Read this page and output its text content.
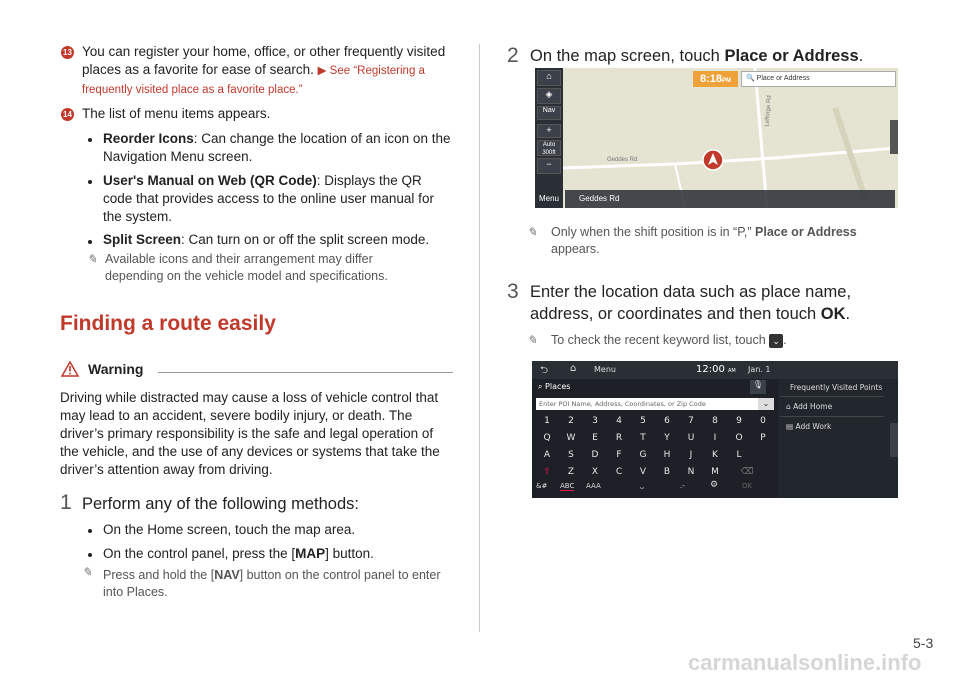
13 You can register your home, office, or other frequently visited places as a favorite for ease of search. ▶ See “Registering a frequently visited place as a favorite place.”
14 The list of menu items appears.
Reorder Icons: Can change the location of an icon on the Navigation Menu screen.
User's Manual on Web (QR Code): Displays the QR code that provides access to the online user manual for the system.
Split Screen: Can turn on or off the split screen mode.
✎ Available icons and their arrangement may differ depending on the vehicle model and specifications.
Finding a route easily
Warning
Driving while distracted may cause a loss of vehicle control that may lead to an accident, severe bodily injury, or death. The driver’s primary responsibility is the safe and legal operation of the vehicle, and the use of any devices or systems that take the driver’s attention away from driving.
1 Perform any of the following methods:
On the Home screen, touch the map area.
On the control panel, press the [MAP] button.
✎ Press and hold the [NAV] button on the control panel to enter into Places.
2 On the map screen, touch Place or Address.
⌂
◈
Nav
+
Auto
300ft
−
8:18PM	🔍 Place or Address
Geddes Rd
Lefforge Rd
Menu	Geddes Rd
✎ Only when the shift position is in “P,” Place or Address appears.
3 Enter the location data such as place name,
address, or coordinates and then touch OK.
✎ To check the recent keyword list, touch ⌄ .
⮌ ⌂ Menu	12:00 AM Jan. 1
⌕ Places	🎙
Enter POI Name, Address, Coordinates, or Zip Code	⌄
1	2	3	4	5	6	7	8	9	0
Q	W	E	R	T	Y	U	I	O	P
A	S	D	F	G	H	J	K	L
Z	X	C	V	B	N	M
⇧	⌫
&# ABC AAA	⎵	.-	⚙	OK
Frequently Visited Points
⌂ Add Home
▤ Add Work
5-3
carmanualsonline.info
